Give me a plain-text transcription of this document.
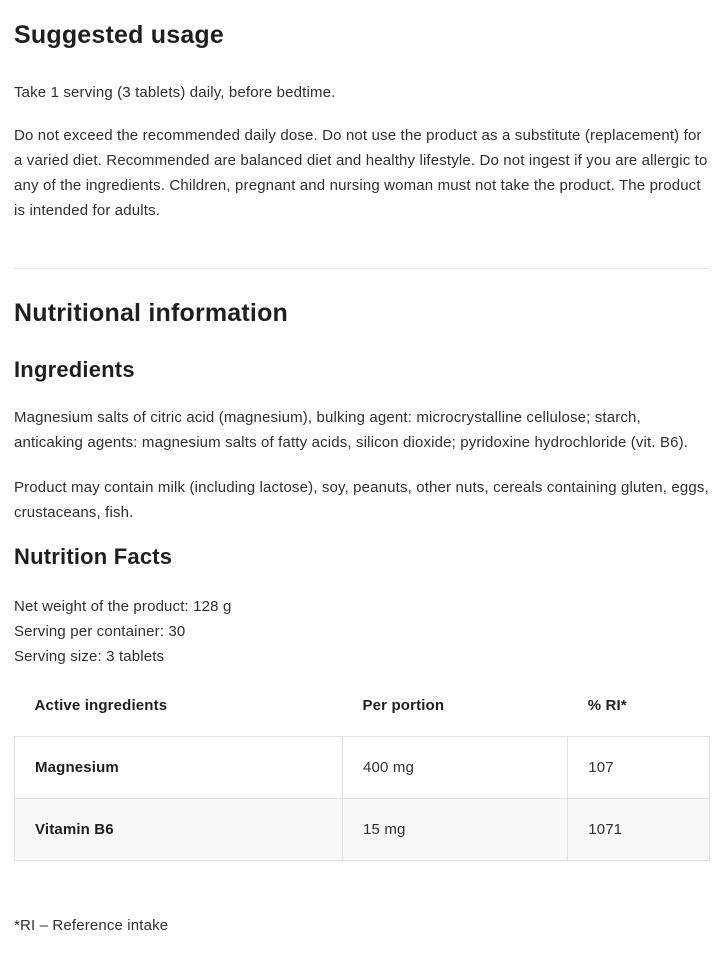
Suggested usage

Take 1 serving (3 tablets) daily, before bedtime.

Do not exceed the recommended daily dose. Do not use the product as a substitute (replacement) for a varied diet. Recommended are balanced diet and healthy lifestyle. Do not ingest if you are allergic to any of the ingredients. Children, pregnant and nursing woman must not take the product. The product is intended for adults.

Nutritional information
Ingredients

Magnesium salts of citric acid (magnesium), bulking agent: microcrystalline cellulose; starch, anticaking agents: magnesium salts of fatty acids, silicon dioxide; pyridoxine hydrochloride (vit. B6).

Product may contain milk (including lactose), soy, peanuts, other nuts, cereals containing gluten, eggs, crustaceans, fish.

Nutrition Facts

Net weight of the product: 128 g

Serving per container: 30

Serving size: 3 tablets

Active ingredients	Per portion	% RI*
Magnesium	400 mg	107
Vitamin B6	15 mg	1071

*RI – Reference intake
